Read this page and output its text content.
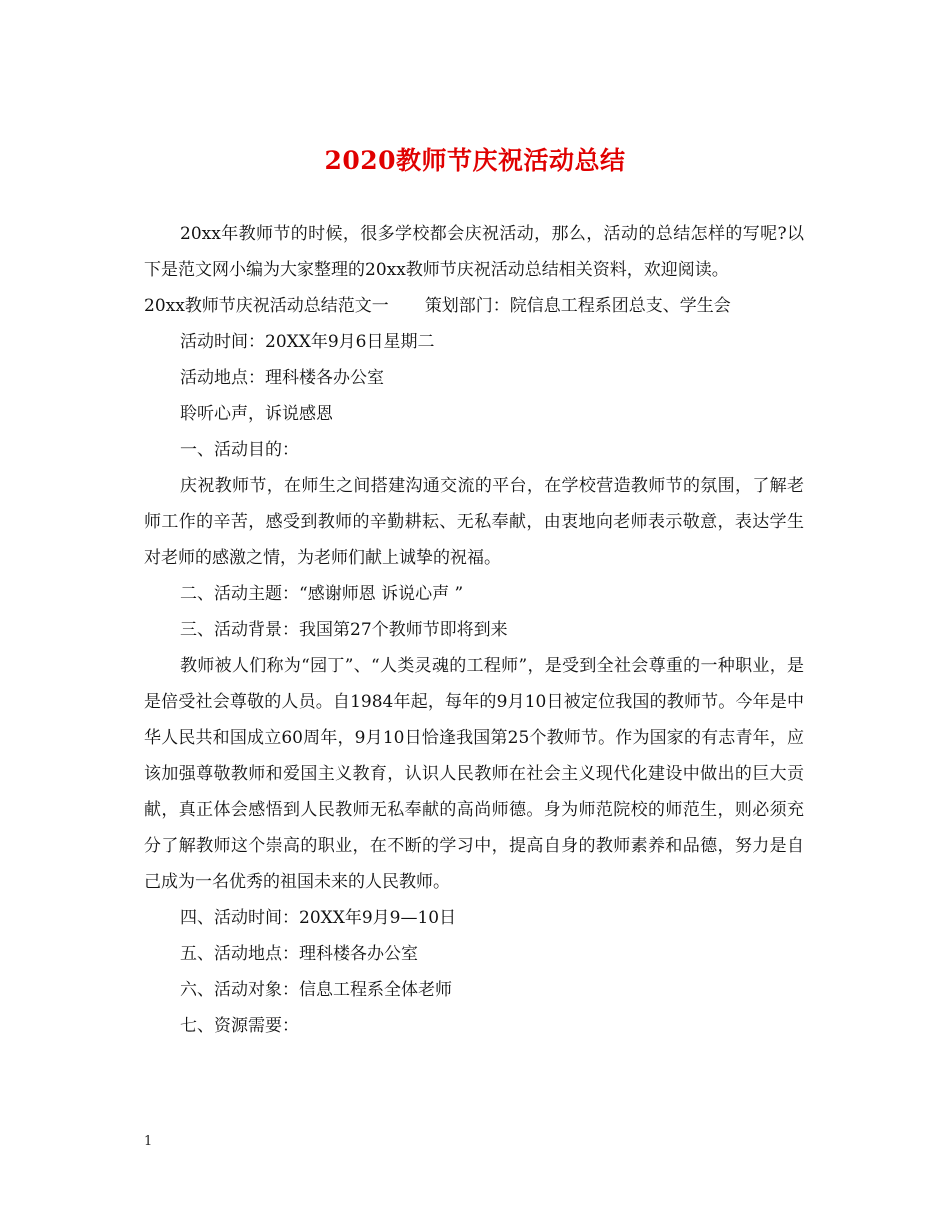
2020教师节庆祝活动总结

20xx年教师节的时候，很多学校都会庆祝活动，那么，活动的总结怎样的写呢?以下是范文网小编为大家整理的20xx教师节庆祝活动总结相关资料，欢迎阅读。

20xx教师节庆祝活动总结范文一 策划部门：院信息工程系团总支、学生会

活动时间：20XX年9月6日星期二

活动地点：理科楼各办公室

聆听心声，诉说感恩

一、活动目的：

庆祝教师节，在师生之间搭建沟通交流的平台，在学校营造教师节的氛围，了解老师工作的辛苦，感受到教师的辛勤耕耘、无私奉献，由衷地向老师表示敬意，表达学生对老师的感激之情，为老师们献上诚挚的祝福。

二、活动主题：“感谢师恩 诉说心声 ”

三、活动背景：我国第27个教师节即将到来

教师被人们称为“园丁”、“人类灵魂的工程师”，是受到全社会尊重的一种职业，是是倍受社会尊敬的人员。自1984年起，每年的9月10日被定位我国的教师节。今年是中华人民共和国成立60周年，9月10日恰逢我国第25个教师节。作为国家的有志青年，应该加强尊敬教师和爱国主义教育，认识人民教师在社会主义现代化建设中做出的巨大贡献，真正体会感悟到人民教师无私奉献的高尚师德。身为师范院校的师范生，则必须充分了解教师这个崇高的职业，在不断的学习中，提高自身的教师素养和品德，努力是自己成为一名优秀的祖国未来的人民教师。

四、活动时间：20XX年9月9—10日

五、活动地点：理科楼各办公室

六、活动对象：信息工程系全体老师

七、资源需要：

1
